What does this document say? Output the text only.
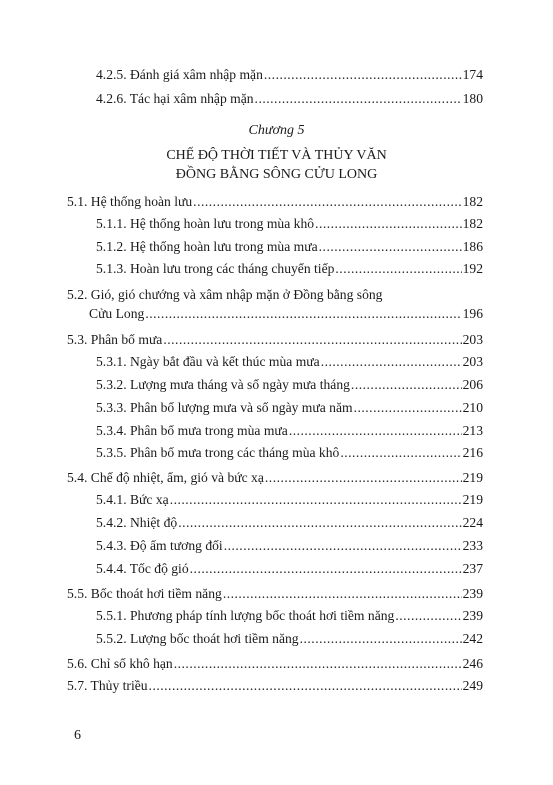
4.2.5. Đánh giá xâm nhập mặn .....	174
4.2.6. Tác hại xâm nhập mặn .....	180
Chương 5
CHẾ ĐỘ THỜI TIẾT VÀ THỦY VĂN
ĐỒNG BẰNG SÔNG CỬU LONG
5.1. Hệ thống hoàn lưu .....	182
5.1.1. Hệ thống hoàn lưu trong mùa khô .....	182
5.1.2. Hệ thống hoàn lưu trong mùa mưa .....	186
5.1.3. Hoàn lưu trong các tháng chuyển tiếp .....	192
5.2. Gió, gió chướng và xâm nhập mặn ở Đồng bằng sông
Cửu Long .....	196
5.3. Phân bố mưa .....	203
5.3.1. Ngày bắt đầu và kết thúc mùa mưa .....	203
5.3.2. Lượng mưa tháng và số ngày mưa tháng .....	206
5.3.3. Phân bố lượng mưa và số ngày mưa năm .....	210
5.3.4. Phân bố mưa trong mùa mưa .....	213
5.3.5. Phân bố mưa trong các tháng mùa khô .....	216
5.4. Chế độ nhiệt, ẩm, gió và bức xạ .....	219
5.4.1. Bức xạ .....	219
5.4.2. Nhiệt độ .....	224
5.4.3. Độ ẩm tương đối .....	233
5.4.4. Tốc độ gió .....	237
5.5. Bốc thoát hơi tiềm năng .....	239
5.5.1. Phương pháp tính lượng bốc thoát hơi tiềm năng .....	239
5.5.2. Lượng bốc thoát hơi tiềm năng .....	242
5.6. Chỉ số khô hạn .....	246
5.7. Thủy triều .....	249
6
